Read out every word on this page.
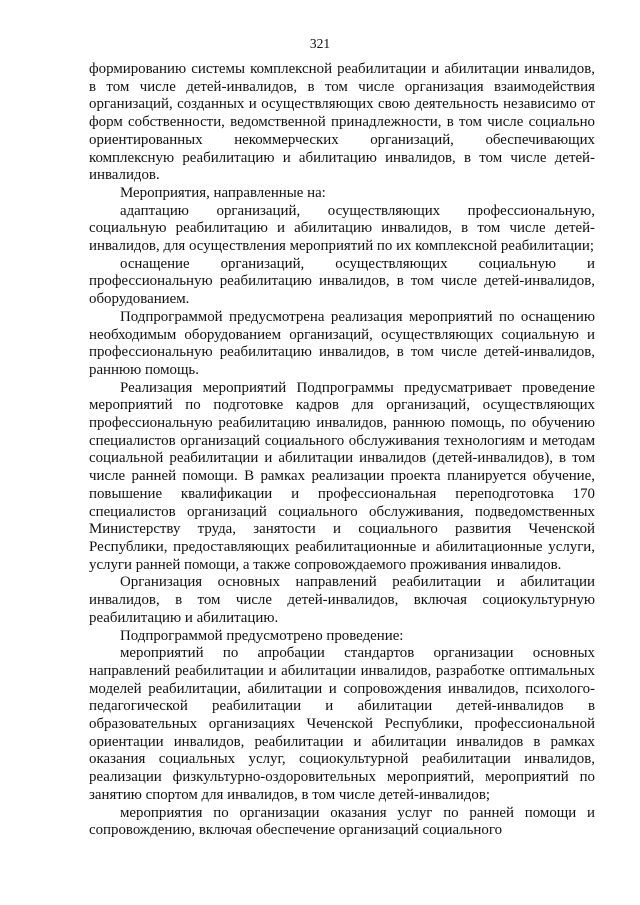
321

формированию системы комплексной реабилитации и абилитации инвалидов, в том числе детей-инвалидов, в том числе организация взаимодействия организаций, созданных и осуществляющих свою деятельность независимо от форм собственности, ведомственной принадлежности, в том числе социально ориентированных некоммерческих организаций, обеспечивающих комплексную реабилитацию и абилитацию инвалидов, в том числе детей-инвалидов.

Мероприятия, направленные на:

адаптацию организаций, осуществляющих профессиональную, социальную реабилитацию и абилитацию инвалидов, в том числе детей-инвалидов, для осуществления мероприятий по их комплексной реабилитации;

оснащение организаций, осуществляющих социальную и профессиональную реабилитацию инвалидов, в том числе детей-инвалидов, оборудованием.

Подпрограммой предусмотрена реализация мероприятий по оснащению необходимым оборудованием организаций, осуществляющих социальную и профессиональную реабилитацию инвалидов, в том числе детей-инвалидов, раннюю помощь.

Реализация мероприятий Подпрограммы предусматривает проведение мероприятий по подготовке кадров для организаций, осуществляющих профессиональную реабилитацию инвалидов, раннюю помощь, по обучению специалистов организаций социального обслуживания технологиям и методам социальной реабилитации и абилитации инвалидов (детей-инвалидов), в том числе ранней помощи. В рамках реализации проекта планируется обучение, повышение квалификации и профессиональная переподготовка 170 специалистов организаций социального обслуживания, подведомственных Министерству труда, занятости и социального развития Чеченской Республики, предоставляющих реабилитационные и абилитационные услуги, услуги ранней помощи, а также сопровождаемого проживания инвалидов.

Организация основных направлений реабилитации и абилитации инвалидов, в том числе детей-инвалидов, включая социокультурную реабилитацию и абилитацию.

Подпрограммой предусмотрено проведение:

мероприятий по апробации стандартов организации основных направлений реабилитации и абилитации инвалидов, разработке оптимальных моделей реабилитации, абилитации и сопровождения инвалидов, психолого-педагогической реабилитации и абилитации детей-инвалидов в образовательных организациях Чеченской Республики, профессиональной ориентации инвалидов, реабилитации и абилитации инвалидов в рамках оказания социальных услуг, социокультурной реабилитации инвалидов, реализации физкультурно-оздоровительных мероприятий, мероприятий по занятию спортом для инвалидов, в том числе детей-инвалидов;

мероприятия по организации оказания услуг по ранней помощи и сопровождению, включая обеспечение организаций социального
